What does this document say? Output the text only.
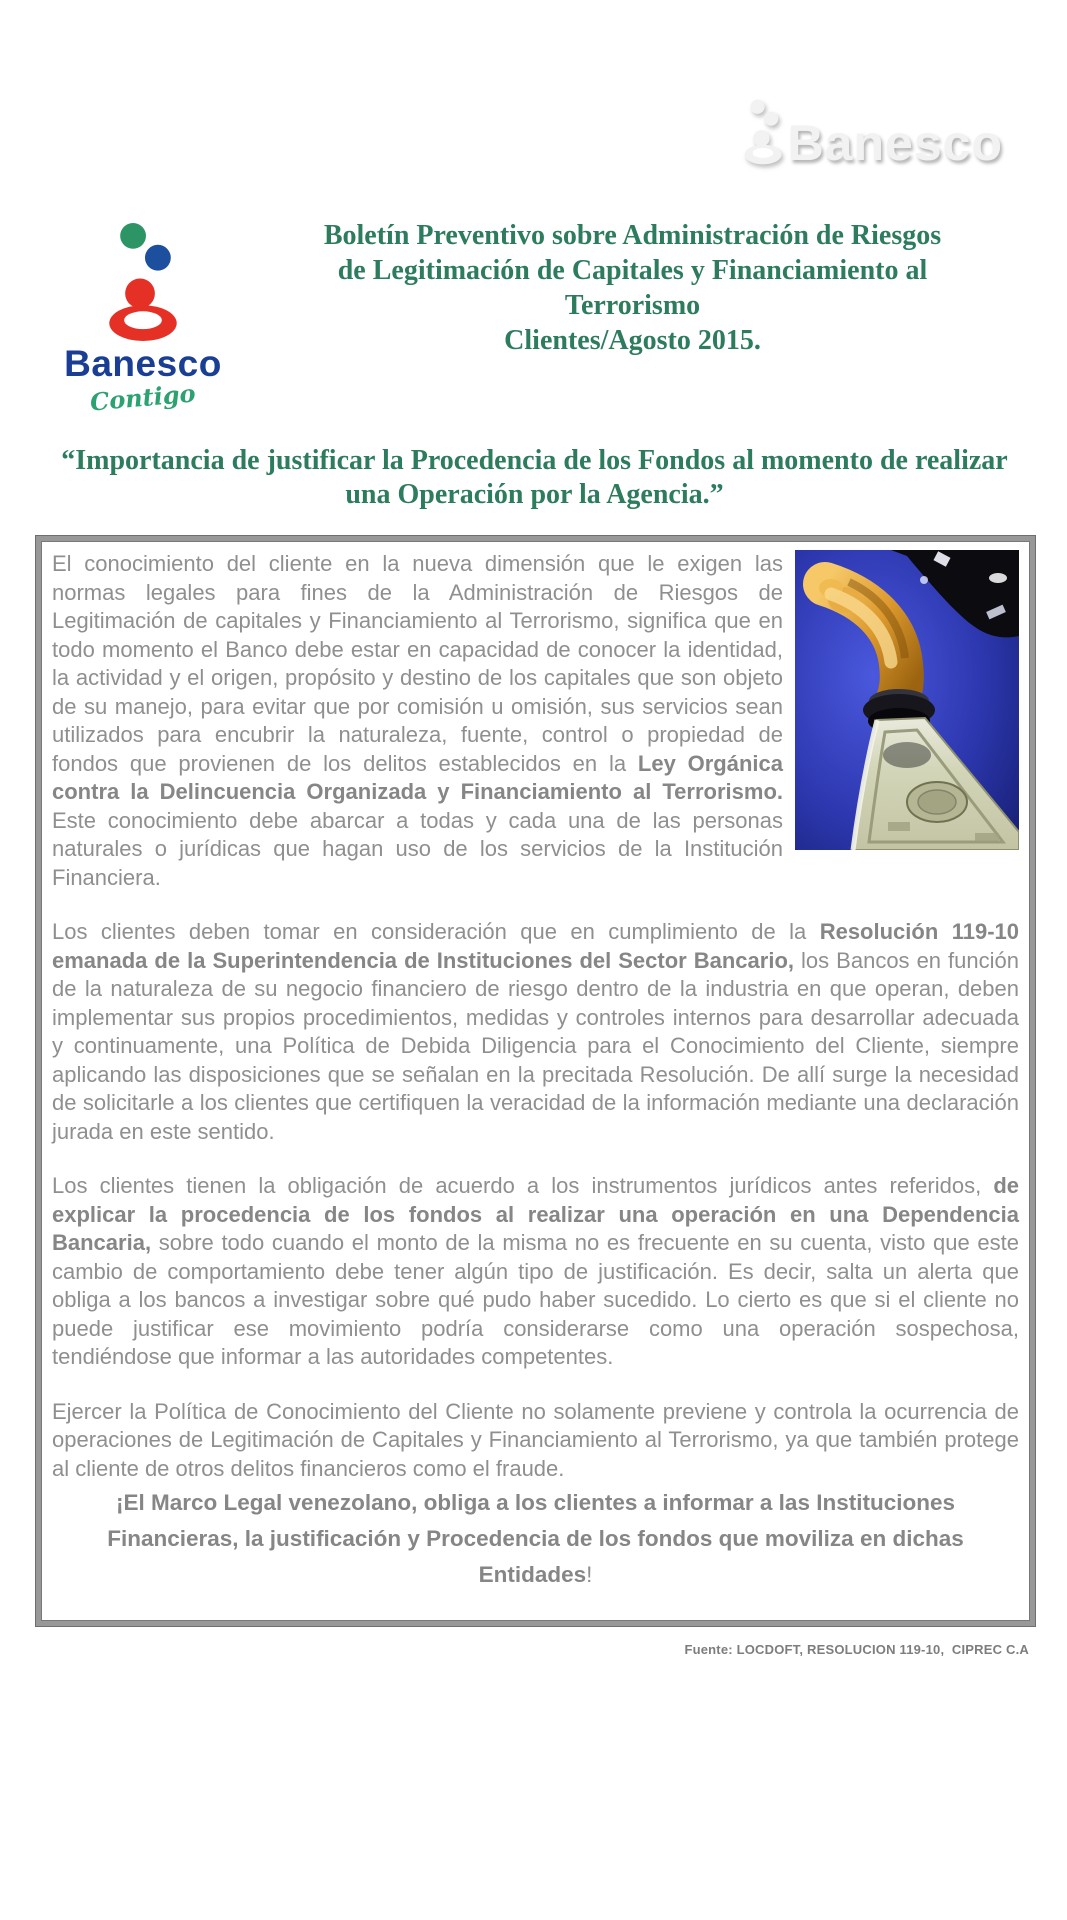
Banesco
Banesco
Contigo
Boletín Preventivo sobre Administración de Riesgos
de Legitimación de Capitales y Financiamiento al
Terrorismo
Clientes/Agosto 2015.
“Importancia de justificar la Procedencia de los Fondos al momento de realizar una Operación por la Agencia.”

El conocimiento del cliente en la nueva dimensión que le exigen las normas legales para fines de la Administración de Riesgos de Legitimación de capitales y Financiamiento al Terrorismo, significa que en todo momento el Banco debe estar en capacidad de conocer la identidad, la actividad y el origen, propósito y destino de los capitales que son objeto de su manejo, para evitar que por comisión u omisión, sus servicios sean utilizados para encubrir la naturaleza, fuente, control o propiedad de fondos que provienen de los delitos establecidos en la Ley Orgánica contra la Delincuencia Organizada y Financiamiento al Terrorismo. Este conocimiento debe abarcar a todas y cada una de las personas naturales o jurídicas que hagan uso de los servicios de la Institución Financiera.

Los clientes deben tomar en consideración que en cumplimiento de la Resolución 119-10 emanada de la Superintendencia de Instituciones del Sector Bancario, los Bancos en función de la naturaleza de su negocio financiero de riesgo dentro de la industria en que operan, deben implementar sus propios procedimientos, medidas y controles internos para desarrollar adecuada y continuamente, una Política de Debida Diligencia para el Conocimiento del Cliente, siempre aplicando las disposiciones que se señalan en la precitada Resolución. De allí surge la necesidad de solicitarle a los clientes que certifiquen la veracidad de la información mediante una declaración jurada en este sentido.

Los clientes tienen la obligación de acuerdo a los instrumentos jurídicos antes referidos, de explicar la procedencia de los fondos al realizar una operación en una Dependencia Bancaria, sobre todo cuando el monto de la misma no es frecuente en su cuenta, visto que este cambio de comportamiento debe tener algún tipo de justificación. Es decir, salta un alerta que obliga a los bancos a investigar sobre qué pudo haber sucedido. Lo cierto es que si el cliente no puede justificar ese movimiento podría considerarse como una operación sospechosa, tendiéndose que informar a las autoridades competentes.

Ejercer la Política de Conocimiento del Cliente no solamente previene y controla la ocurrencia de operaciones de Legitimación de Capitales y Financiamiento al Terrorismo, ya que también protege al cliente de otros delitos financieros como el fraude.

¡El Marco Legal venezolano, obliga a los clientes a informar a las Instituciones Financieras, la justificación y Procedencia de los fondos que moviliza en dichas Entidades!

Fuente: LOCDOFT, RESOLUCION 119-10,  CIPREC C.A
